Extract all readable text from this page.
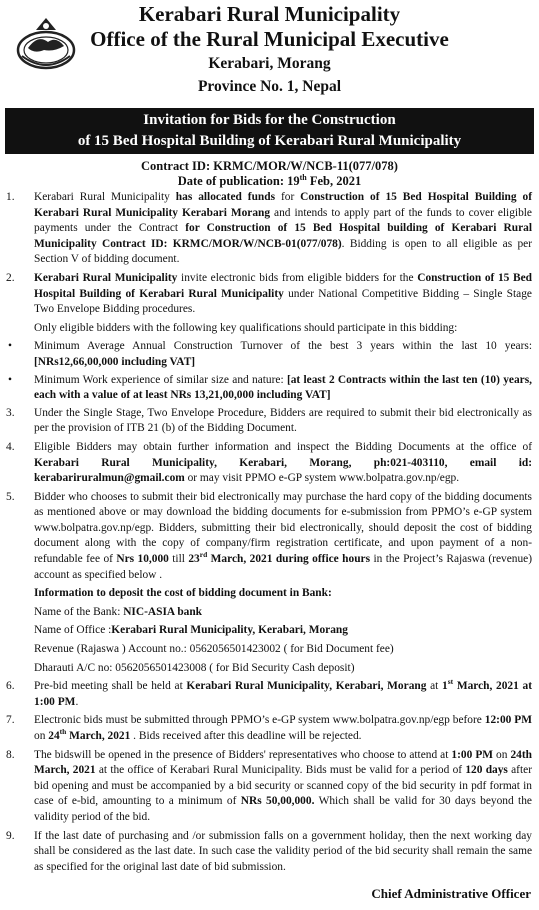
Kerabari Rural Municipality
Office of the Rural Municipal Executive
Kerabari, Morang
Province No. 1, Nepal
Invitation for Bids for the Construction
of 15 Bed Hospital Building of Kerabari Rural Municipality
Contract ID: KRMC/MOR/W/NCB-11(077/078)
Date of publication: 19th Feb, 2021
1.	Kerabari Rural Municipality has allocated funds for Construction of 15 Bed Hospital Building of Kerabari Rural Municipality Kerabari Morang and intends to apply part of the funds to cover eligible payments under the Contract for Construction of 15 Bed Hospital building of Kerabari Rural Municipality Contract ID: KRMC/MOR/W/NCB-01(077/078). Bidding is open to all eligible as per Section V of bidding document.
2.	Kerabari Rural Municipality invite electronic bids from eligible bidders for the Construction of 15 Bed Hospital Building of Kerabari Rural Municipality under National Competitive Bidding – Single Stage Two Envelope Bidding procedures.
Only eligible bidders with the following key qualifications should participate in this bidding:
•	Minimum Average Annual Construction Turnover of the best 3 years within the last 10 years: [NRs12,66,00,000 including VAT]
•	Minimum Work experience of similar size and nature: [at least 2 Contracts within the last ten (10) years, each with a value of at least NRs 13,21,00,000 including VAT]
3.	Under the Single Stage, Two Envelope Procedure, Bidders are required to submit their bid electronically as per the provision of ITB 21 (b) of the Bidding Document.
4.	Eligible Bidders may obtain further information and inspect the Bidding Documents at the office of Kerabari Rural Municipality, Kerabari, Morang, ph:021-403110, email id: kerabariruralmun@gmail.com or may visit PPMO e-GP system www.bolpatra.gov.np/egp.
5.	Bidder who chooses to submit their bid electronically may purchase the hard copy of the bidding documents as mentioned above or may download the bidding documents for e-submission from PPMO’s e-GP system www.bolpatra.gov.np/egp. Bidders, submitting their bid electronically, should deposit the cost of bidding document along with the copy of company/firm registration certificate, and upon payment of a non-refundable fee of Nrs 10,000 till 23rd March, 2021 during office hours in the Project’s Rajaswa (revenue) account as specified below .
Information to deposit the cost of bidding document in Bank:
Name of the Bank: NIC-ASIA bank
Name of Office :Kerabari Rural Municipality, Kerabari, Morang
Revenue (Rajaswa ) Account no.: 0562056501423002 ( for Bid Document fee)
Dharauti A/C no: 0562056501423008 ( for Bid Security Cash deposit)
6.	Pre-bid meeting shall be held at Kerabari Rural Municipality, Kerabari, Morang at 1st March, 2021 at 1:00 PM.
7.	Electronic bids must be submitted through PPMO’s e-GP system www.bolpatra.gov.np/egp before 12:00 PM on 24th March, 2021 . Bids received after this deadline will be rejected.
8.	The bidswill be opened in the presence of Bidders' representatives who choose to attend at 1:00 PM on 24th March, 2021 at the office of Kerabari Rural Municipality. Bids must be valid for a period of 120 days after bid opening and must be accompanied by a bid security or scanned copy of the bid security in pdf format in case of e-bid, amounting to a minimum of NRs 50,00,000. Which shall be valid for 30 days beyond the validity period of the bid.
9.	If the last date of purchasing and /or submission falls on a government holiday, then the next working day shall be considered as the last date. In such case the validity period of the bid security shall remain the same as specified for the original last date of bid submission.
Chief Administrative Officer
